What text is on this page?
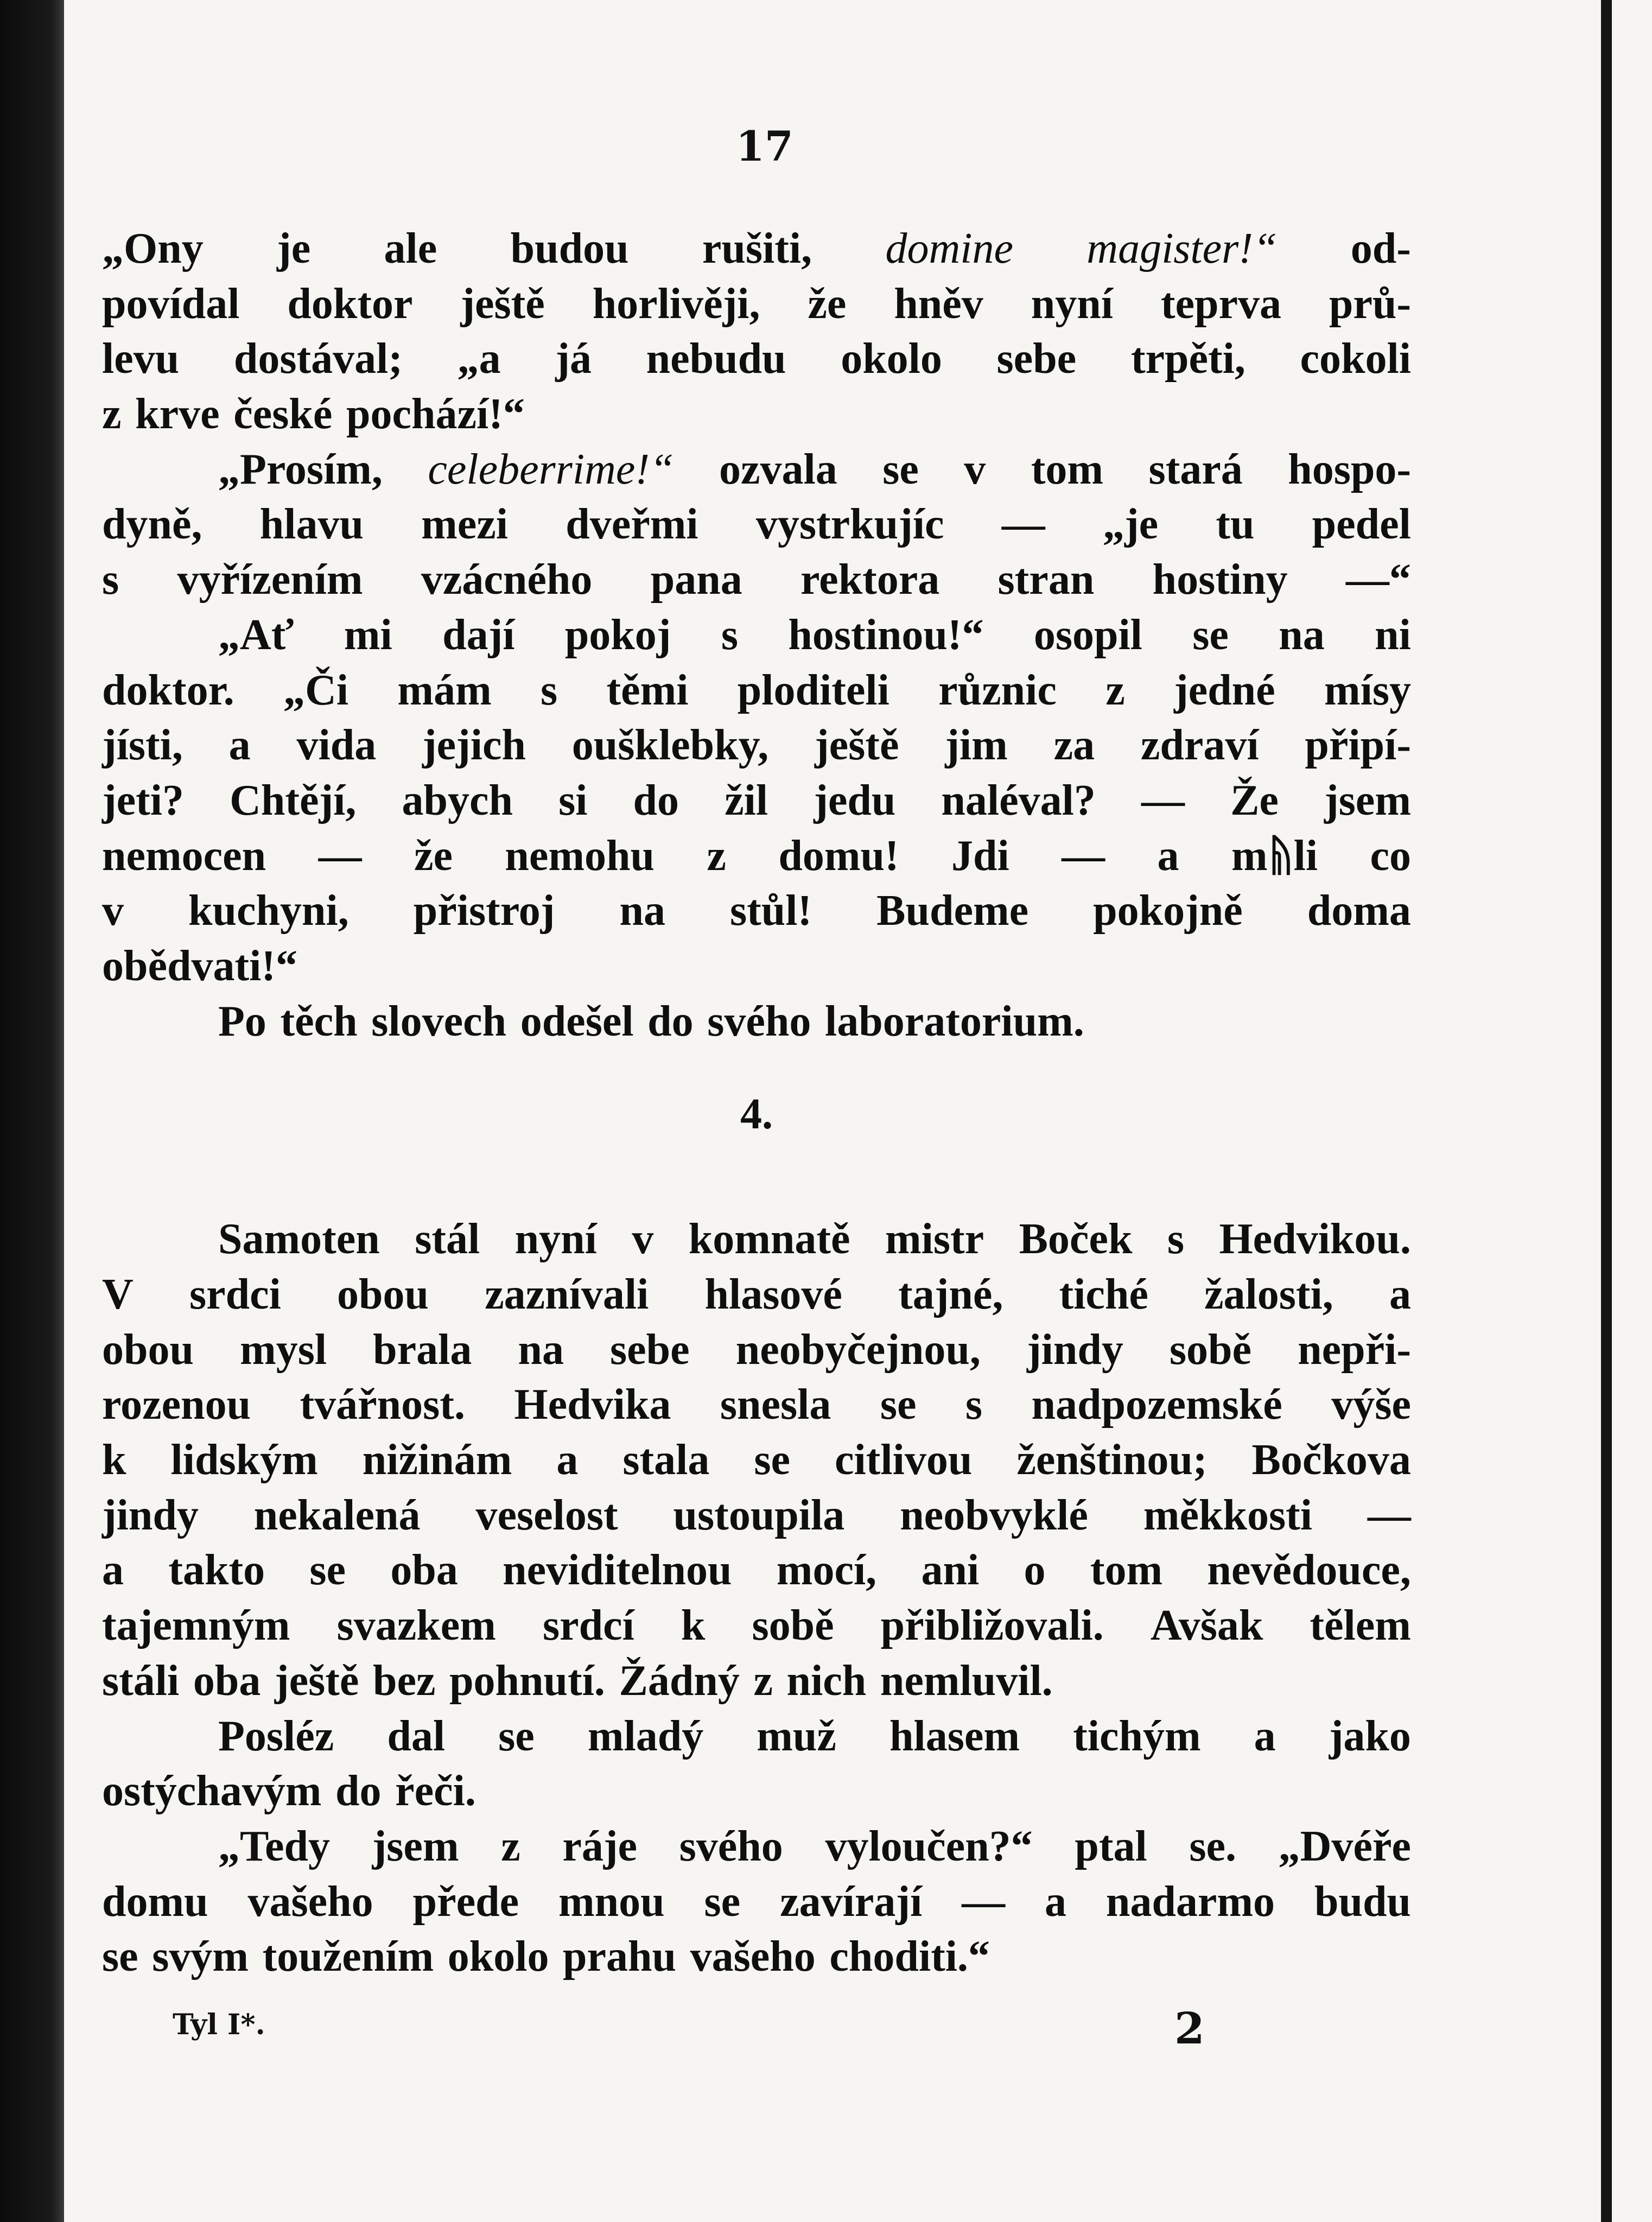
17
„Ony je ale budou rušiti, domine magister!“ od-
povídal doktor ještě horlivěji, že hněv nyní teprva prů-
levu dostával; „a já nebudu okolo sebe trpěti, cokoli
z krve české pochází!“
„Prosím, celeberrime!“ ozvala se v tom stará hospo-
dyně, hlavu mezi dveřmi vystrkujíc — „je tu pedel
s vyřízením vzácného pana rektora stran hostiny —“
„Ať mi dají pokoj s hostinou!“ osopil se na ni
doktor. „Či mám s těmi ploditeli různic z jedné mísy
jísti, a vida jejich oušklebky, ještě jim za zdraví připí-
jeti? Chtějí, abych si do žil jedu naléval? — Že jsem
nemocen — že nemohu z domu! Jdi — a mᚥli co
v kuchyni, přistroj na stůl! Budeme pokojně doma
obědvati!“
Po těch slovech odešel do svého laboratorium.
4.
Samoten stál nyní v komnatě mistr Boček s Hedvikou.
V srdci obou zaznívali hlasové tajné, tiché žalosti, a
obou mysl brala na sebe neobyčejnou, jindy sobě nepři-
rozenou tvářnost. Hedvika snesla se s nadpozemské výše
k lidským nižinám a stala se citlivou ženštinou; Bočkova
jindy nekalená veselost ustoupila neobvyklé měkkosti —
a takto se oba neviditelnou mocí, ani o tom nevědouce,
tajemným svazkem srdcí k sobě přibližovali. Avšak tělem
stáli oba ještě bez pohnutí. Žádný z nich nemluvil.
Posléz dal se mladý muž hlasem tichým a jako
ostýchavým do řeči.
„Tedy jsem z ráje svého vyloučen?“ ptal se. „Dvéře
domu vašeho přede mnou se zavírají — a nadarmo budu
se svým toužením okolo prahu vašeho choditi.“
Tyl I*.	2
